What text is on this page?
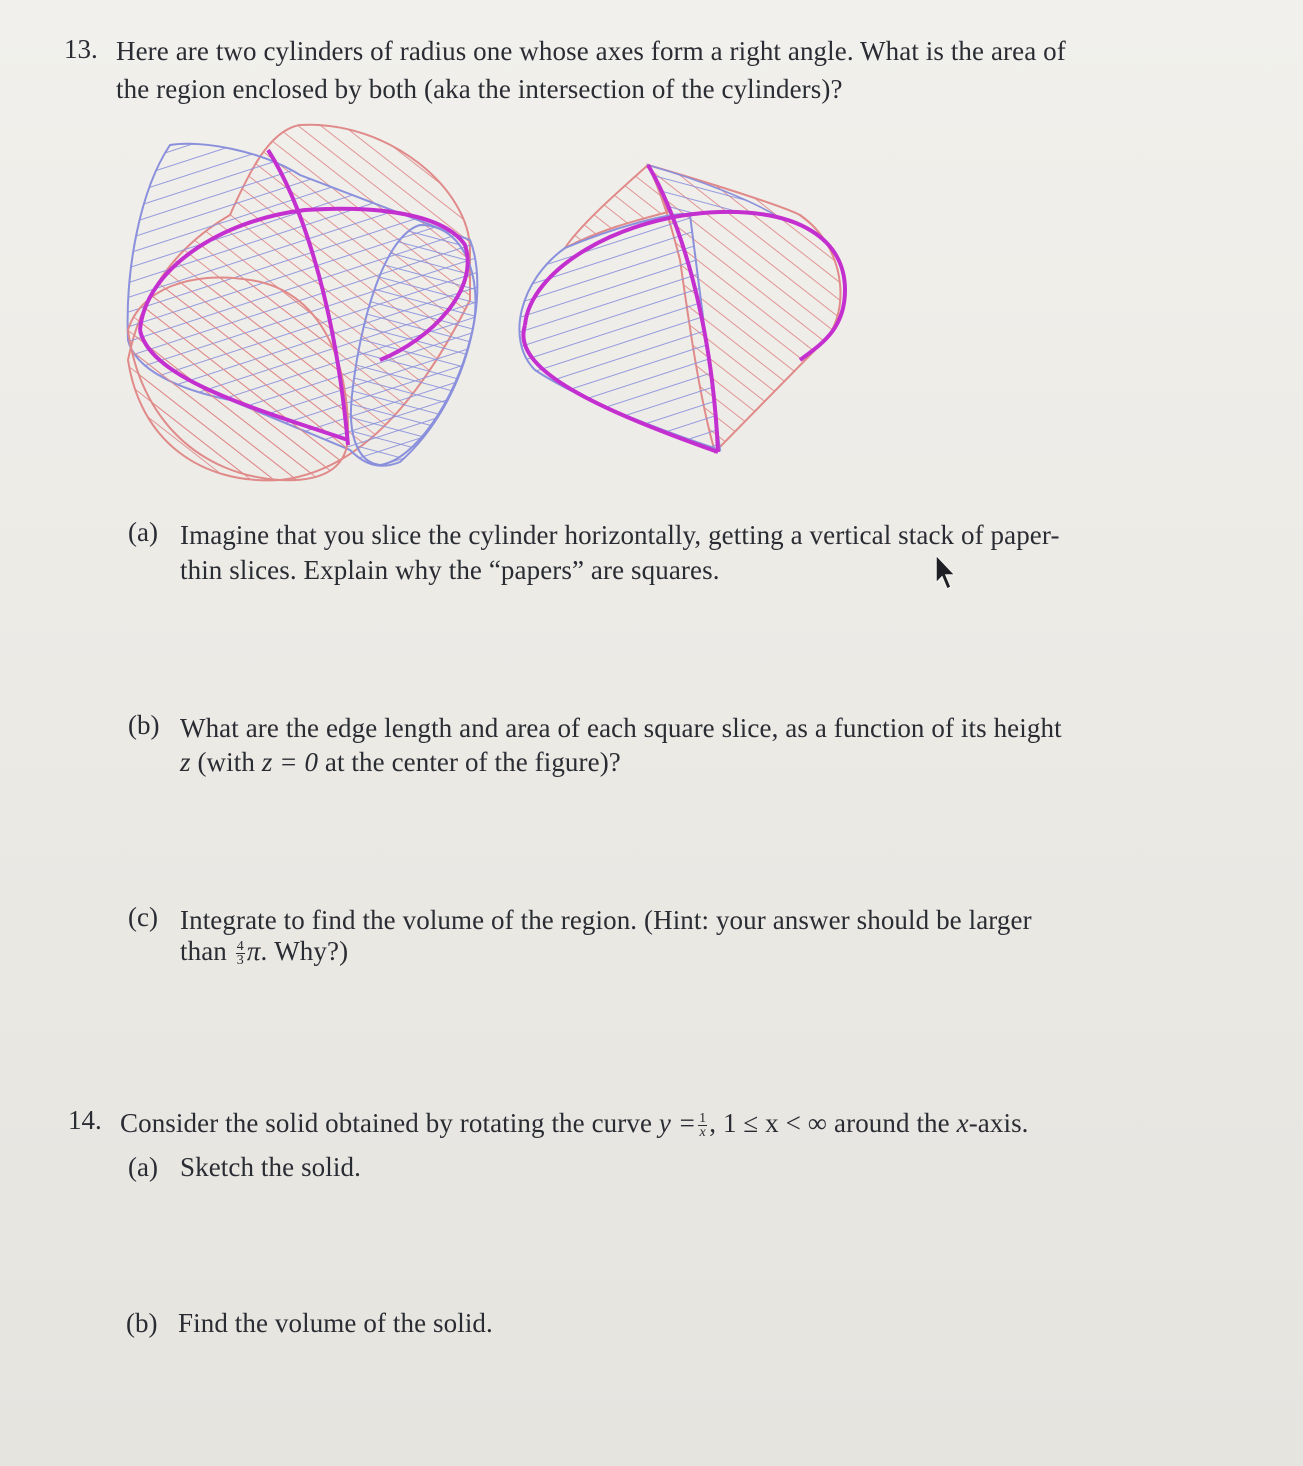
13. Here are two cylinders of radius one whose axes form a right angle. What is the area of
the region enclosed by both (aka the intersection of the cylinders)?
(a) Imagine that you slice the cylinder horizontally, getting a vertical stack of paper-
thin slices. Explain why the “papers” are squares.
(b) What are the edge length and area of each square slice, as a function of its height
z (with z = 0 at the center of the figure)?
(c) Integrate to find the volume of the region. (Hint: your answer should be larger
than $\frac{4}{3} \pi$. Why?)
14. Consider the solid obtained by rotating the curve $y = \frac{1}{x}$ , 1 ≤ x < ∞ around the x-axis.
(a) Sketch the solid.
(b) Find the volume of the solid.
